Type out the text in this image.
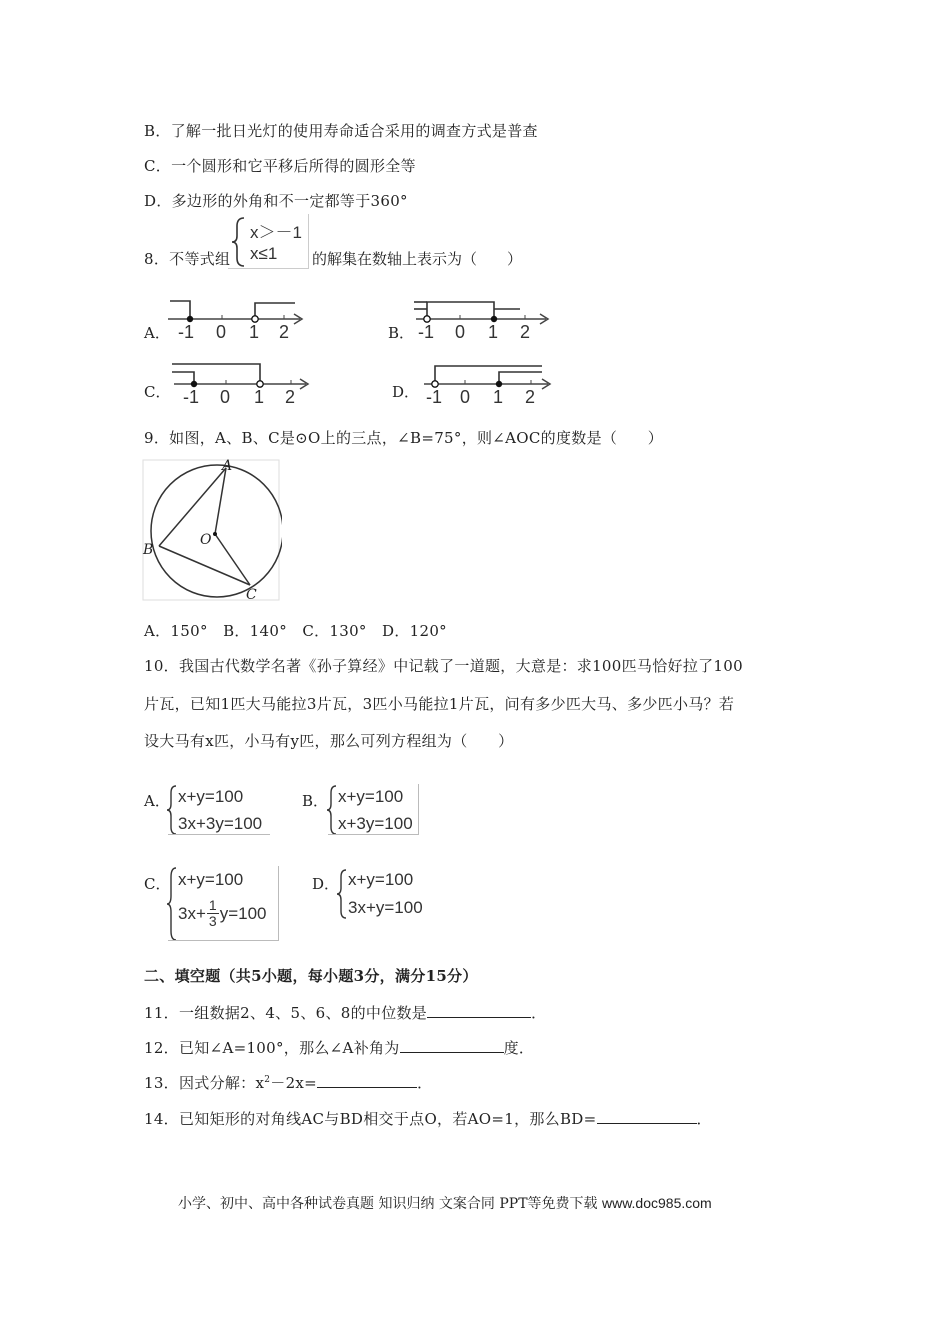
B．了解一批日光灯的使用寿命适合采用的调查方式是普查
C．一个圆形和它平移后所得的圆形全等
D．多边形的外角和不一定都等于360°
8．不等式组
x＞－1
x≤1 的解集在数轴上表示为（　　）
A．	B．
C．	D．
-1 0 1 2	-1 0 1 2
-1 0 1 2	-1 0 1 2
9．如图，A、B、C是⊙O上的三点，∠B=75°，则∠AOC的度数是（　　）
A
B
C
O
A．150°　B．140°　C．130°　D．120°
10．我国古代数学名著《孙子算经》中记载了一道题，大意是：求100匹马恰好拉了100
片瓦，已知1匹大马能拉3片瓦，3匹小马能拉1片瓦，问有多少匹大马、多少匹小马？若
设大马有x匹，小马有y匹，那么可列方程组为（　　）
A． x+y=100
3x+3y=100
B． x+y=100
x+3y=100
C． x+y=100
$3x+ \frac{1}{3} y=100$
D． x+y=100
3x+y=100
二、填空题（共5小题，每小题3分，满分15分）
11．一组数据2、4、5、6、8的中位数是	．
12．已知∠A=100°，那么∠A补角为	度．
13．因式分解：$x^2-2x=$	．
14．已知矩形的对角线AC与BD相交于点O，若AO=1，那么BD=	．
小学、初中、高中各种试卷真题 知识归纳 文案合同 PPT等免费下载 www.doc985.com
